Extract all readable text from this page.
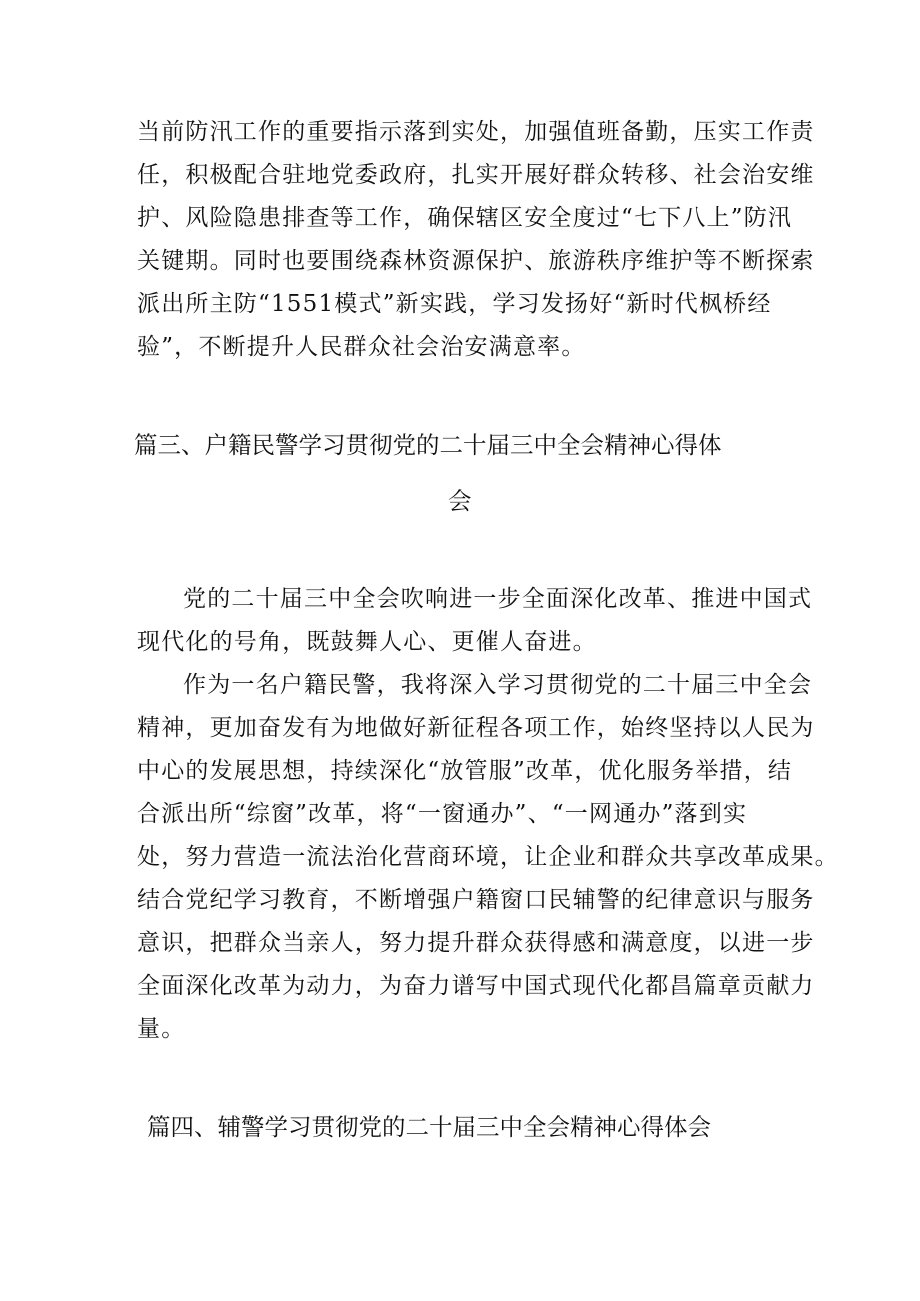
当前防汛工作的重要指示落到实处，加强值班备勤，压实工作责
任，积极配合驻地党委政府，扎实开展好群众转移、社会治安维
护、风险隐患排查等工作，确保辖区安全度过“七下八上”防汛
关键期。同时也要围绕森林资源保护、旅游秩序维护等不断探索
派出所主防“1551模式”新实践，学习发扬好“新时代枫桥经
验”，不断提升人民群众社会治安满意率。
篇三、户籍民警学习贯彻党的二十届三中全会精神心得体
会
党的二十届三中全会吹响进一步全面深化改革、推进中国式
现代化的号角，既鼓舞人心、更催人奋进。
作为一名户籍民警，我将深入学习贯彻党的二十届三中全会
精神，更加奋发有为地做好新征程各项工作，始终坚持以人民为
中心的发展思想，持续深化“放管服”改革，优化服务举措，结
合派出所“综窗”改革，将“一窗通办”、“一网通办”落到实
处，努力营造一流法治化营商环境，让企业和群众共享改革成果。
结合党纪学习教育，不断增强户籍窗口民辅警的纪律意识与服务
意识，把群众当亲人，努力提升群众获得感和满意度，以进一步
全面深化改革为动力，为奋力谱写中国式现代化都昌篇章贡献力
量。
篇四、辅警学习贯彻党的二十届三中全会精神心得体会
